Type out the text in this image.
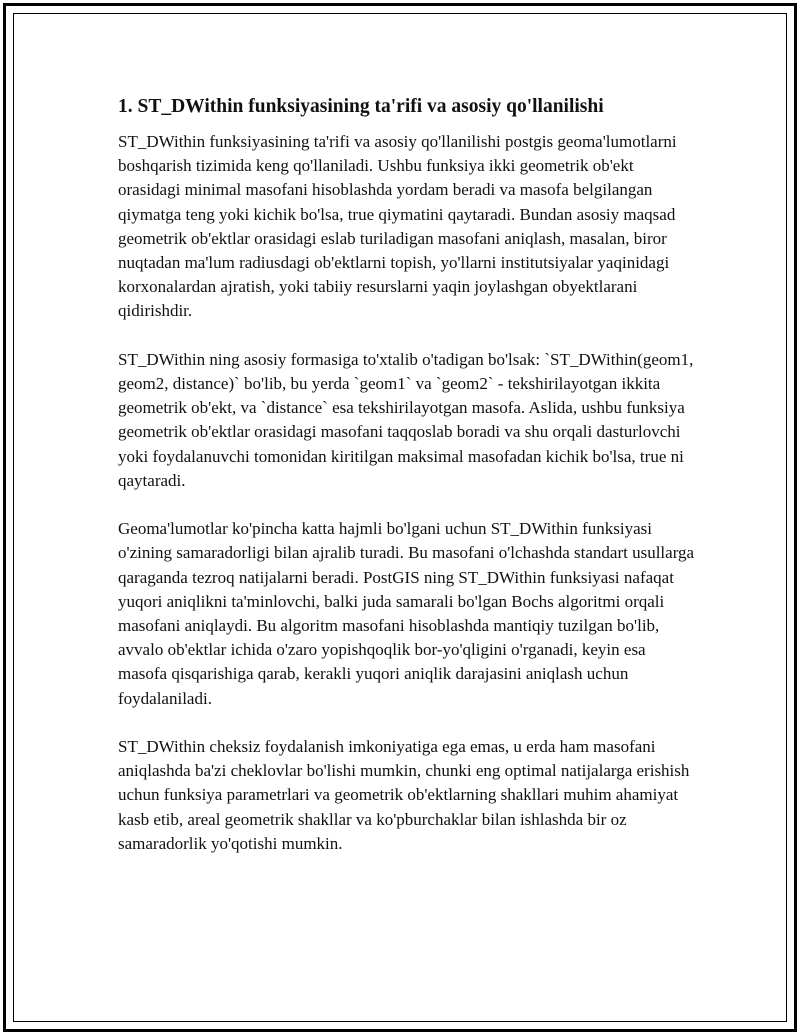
1. ST_DWithin funksiyasining ta'rifi va asosiy qo'llanilishi

ST_DWithin funksiyasining ta'rifi va asosiy qo'llanilishi postgis geoma'lumotlarni boshqarish tizimida keng qo'llaniladi. Ushbu funksiya ikki geometrik ob'ekt orasidagi minimal masofani hisoblashda yordam beradi va masofa belgilangan qiymatga teng yoki kichik bo'lsa, true qiymatini qaytaradi. Bundan asosiy maqsad geometrik ob'ektlar orasidagi eslab turiladigan masofani aniqlash, masalan, biror nuqtadan ma'lum radiusdagi ob'ektlarni topish, yo'llarni institutsiyalar yaqinidagi korxonalardan ajratish, yoki tabiiy resurslarni yaqin joylashgan obyektlarani qidirishdir.

ST_DWithin ning asosiy formasiga to'xtalib o'tadigan bo'lsak: `ST_DWithin(geom1, geom2, distance)` bo'lib, bu yerda `geom1` va `geom2` - tekshirilayotgan ikkita geometrik ob'ekt, va `distance` esa tekshirilayotgan masofa. Aslida, ushbu funksiya geometrik ob'ektlar orasidagi masofani taqqoslab boradi va shu orqali dasturlovchi yoki foydalanuvchi tomonidan kiritilgan maksimal masofadan kichik bo'lsa, true ni qaytaradi.

Geoma'lumotlar ko'pincha katta hajmli bo'lgani uchun ST_DWithin funksiyasi o'zining samaradorligi bilan ajralib turadi. Bu masofani o'lchashda standart usullarga qaraganda tezroq natijalarni beradi. PostGIS ning ST_DWithin funksiyasi nafaqat yuqori aniqlikni ta'minlovchi, balki juda samarali bo'lgan Bochs algoritmi orqali masofani aniqlaydi. Bu algoritm masofani hisoblashda mantiqiy tuzilgan bo'lib, avvalo ob'ektlar ichida o'zaro yopishqoqlik bor-yo'qligini o'rganadi, keyin esa masofa qisqarishiga qarab, kerakli yuqori aniqlik darajasini aniqlash uchun foydalaniladi.

ST_DWithin cheksiz foydalanish imkoniyatiga ega emas, u erda ham masofani aniqlashda ba'zi cheklovlar bo'lishi mumkin, chunki eng optimal natijalarga erishish uchun funksiya parametrlari va geometrik ob'ektlarning shakllari muhim ahamiyat kasb etib, areal geometrik shakllar va ko'pburchaklar bilan ishlashda bir oz samaradorlik yo'qotishi mumkin.
